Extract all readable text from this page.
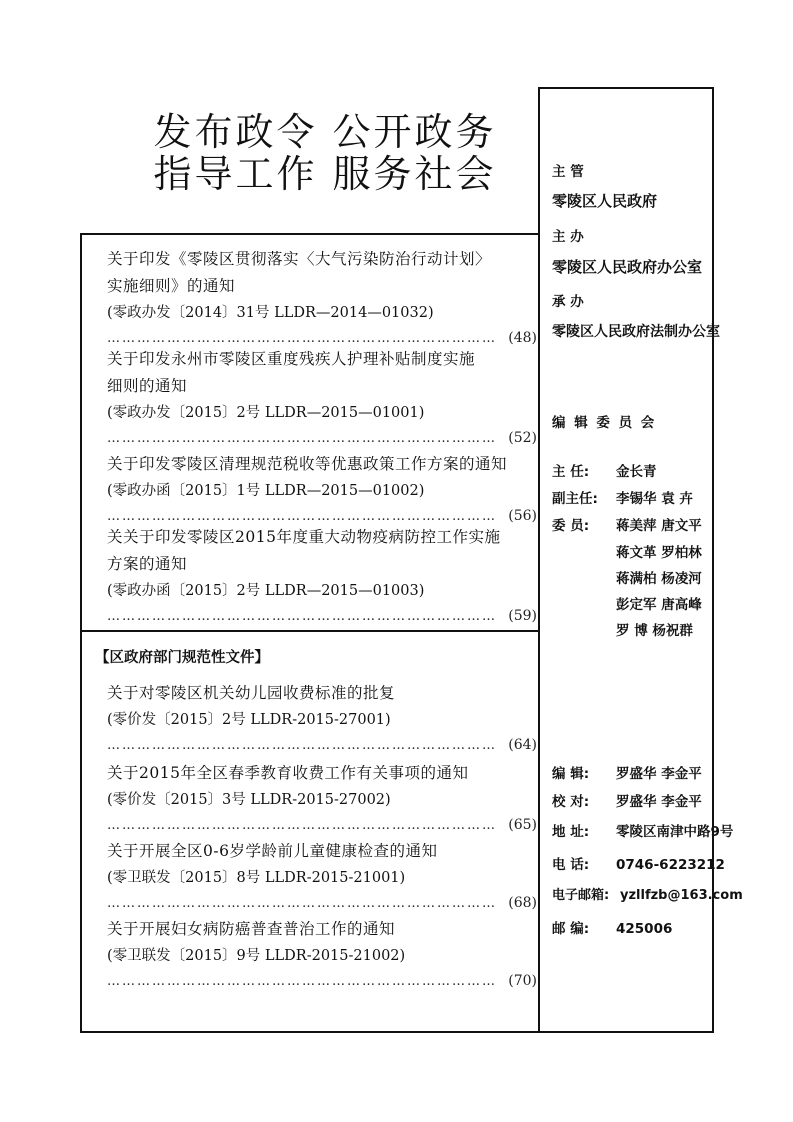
发布政令 公开政务
指导工作 服务社会
关于印发《零陵区贯彻落实〈大气污染防治行动计划〉
实施细则》的通知
(零政办发〔2014〕31号 LLDR—2014—01032)
…………………………………………………………………… (48)
关于印发永州市零陵区重度残疾人护理补贴制度实施
细则的通知
(零政办发〔2015〕2号 LLDR—2015—01001)
…………………………………………………………………… (52)
关于印发零陵区清理规范税收等优惠政策工作方案的通知
(零政办函〔2015〕1号 LLDR—2015—01002)
…………………………………………………………………… (56)
关关于印发零陵区2015年度重大动物疫病防控工作实施
方案的通知
(零政办函〔2015〕2号 LLDR—2015—01003)
…………………………………………………………………… (59)
【区政府部门规范性文件】
关于对零陵区机关幼儿园收费标准的批复
(零价发〔2015〕2号 LLDR-2015-27001)
…………………………………………………………………… (64)
关于2015年全区春季教育收费工作有关事项的通知
(零价发〔2015〕3号 LLDR-2015-27002)
…………………………………………………………………… (65)
关于开展全区0-6岁学龄前儿童健康检查的通知
(零卫联发〔2015〕8号 LLDR-2015-21001)
…………………………………………………………………… (68)
关于开展妇女病防癌普查普治工作的通知
(零卫联发〔2015〕9号 LLDR-2015-21002)
…………………………………………………………………… (70)
主 管
零陵区人民政府
主 办
零陵区人民政府办公室
承 办
零陵区人民政府法制办公室
编 辑 委 员 会
主 任: 金长青
副主任: 李锡华 袁 卉
委 员: 蒋美萍 唐文平
蒋文革 罗柏林
蒋满柏 杨凌河
彭定军 唐高峰
罗 博 杨祝群
编 辑: 罗盛华 李金平
校 对: 罗盛华 李金平
地 址: 零陵区南津中路9号
电 话: 0746-6223212
电子邮箱: yzllfzb@163.com
邮 编: 425006
